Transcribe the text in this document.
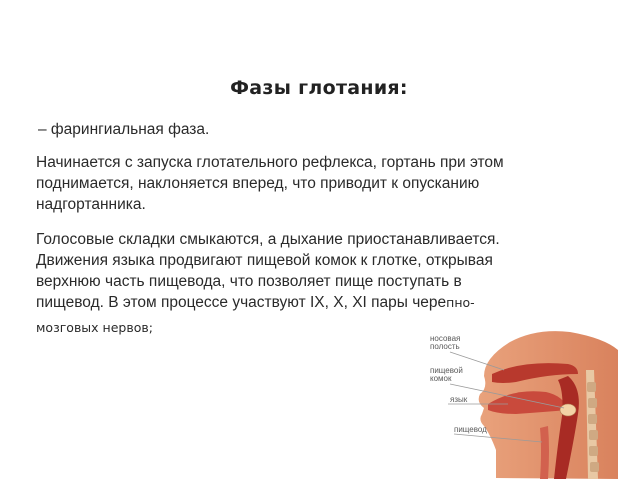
Фазы глотания:
– фарингиальная фаза.
Начинается с запуска глотательного рефлекса, гортань при этом
поднимается, наклоняется вперед, что приводит к опусканию
надгортанника.
Голосовые складки смыкаются, а дыхание приостанавливается.
Движения языка продвигают пищевой комок к глотке, открывая
верхнюю часть пищевода, что позволяет пище поступать в
пищевод. В этом процессе участвуют IX, X, XI пары черепно-
мозговых нервов;
носовая
полость
пищевой
комок
язык
пищевод
